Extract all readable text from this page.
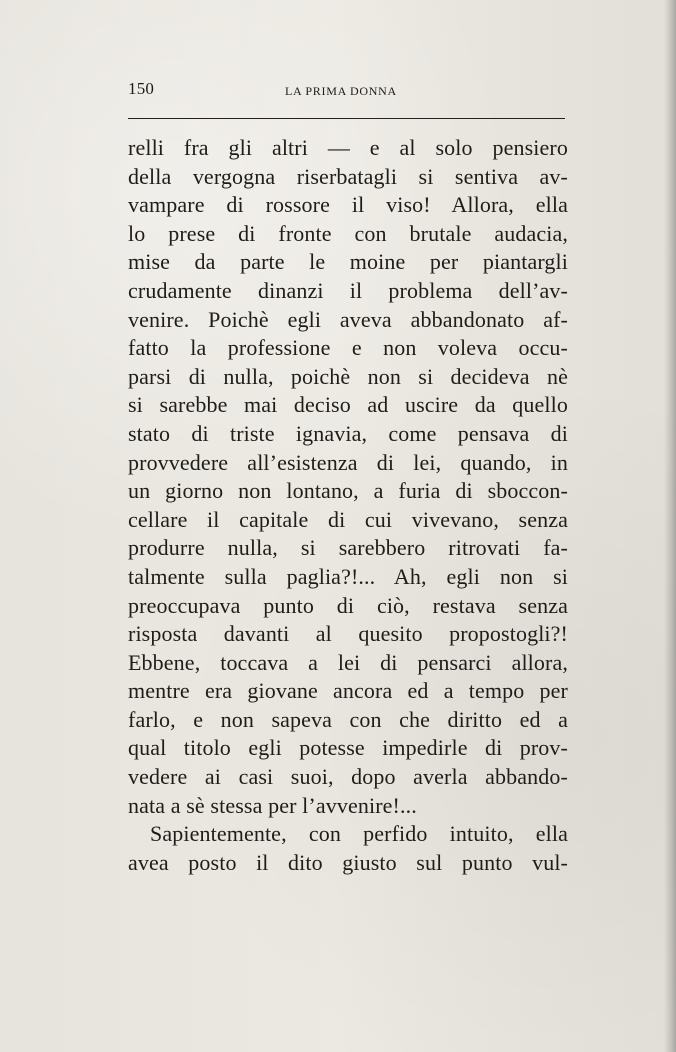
150	LA PRIMA DONNA
relli fra gli altri — e al solo pensiero
della vergogna riserbatagli si sentiva av-
vampare di rossore il viso! Allora, ella
lo prese di fronte con brutale audacia,
mise da parte le moine per piantargli
crudamente dinanzi il problema dell’av-
venire. Poichè egli aveva abbandonato af-
fatto la professione e non voleva occu-
parsi di nulla, poichè non si decideva nè
si sarebbe mai deciso ad uscire da quello
stato di triste ignavia, come pensava di
provvedere all’esistenza di lei, quando, in
un giorno non lontano, a furia di sboccon-
cellare il capitale di cui vivevano, senza
produrre nulla, si sarebbero ritrovati fa-
talmente sulla paglia?!... Ah, egli non si
preoccupava punto di ciò, restava senza
risposta davanti al quesito propostogli?!
Ebbene, toccava a lei di pensarci allora,
mentre era giovane ancora ed a tempo per
farlo, e non sapeva con che diritto ed a
qual titolo egli potesse impedirle di prov-
vedere ai casi suoi, dopo averla abbando-
nata a sè stessa per l’avvenire!...
Sapientemente, con perfido intuito, ella
avea posto il dito giusto sul punto vul-
